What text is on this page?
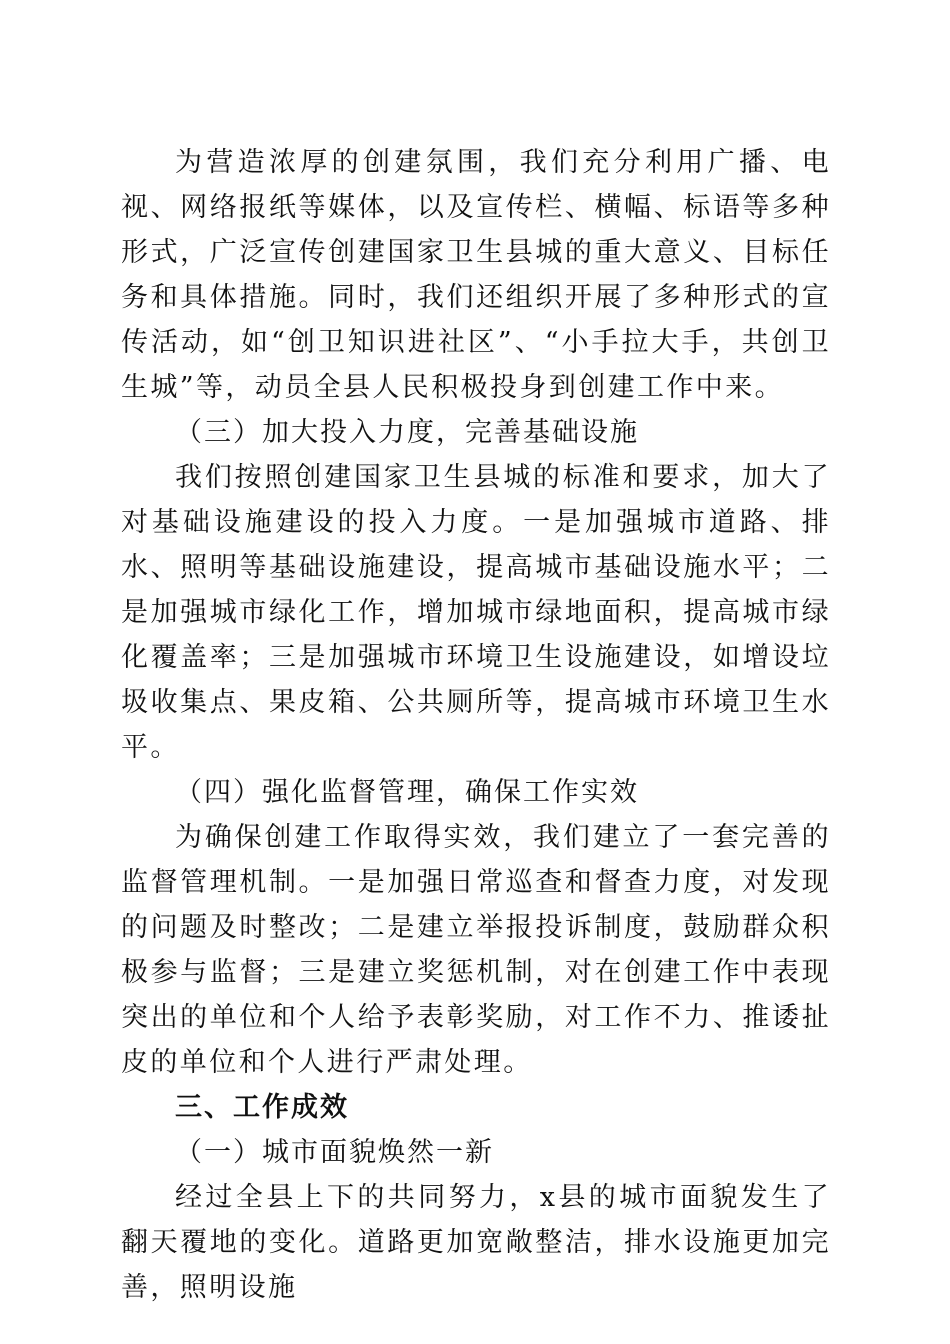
为营造浓厚的创建氛围，我们充分利用广播、电视、网络报纸等媒体，以及宣传栏、横幅、标语等多种形式，广泛宣传创建国家卫生县城的重大意义、目标任务和具体措施。同时，我们还组织开展了多种形式的宣传活动，如“创卫知识进社区”、“小手拉大手，共创卫生城”等，动员全县人民积极投身到创建工作中来。

（三）加大投入力度，完善基础设施

我们按照创建国家卫生县城的标准和要求，加大了对基础设施建设的投入力度。一是加强城市道路、排水、照明等基础设施建设，提高城市基础设施水平；二是加强城市绿化工作，增加城市绿地面积，提高城市绿化覆盖率；三是加强城市环境卫生设施建设，如增设垃圾收集点、果皮箱、公共厕所等，提高城市环境卫生水平。

（四）强化监督管理，确保工作实效

为确保创建工作取得实效，我们建立了一套完善的监督管理机制。一是加强日常巡查和督查力度，对发现的问题及时整改；二是建立举报投诉制度，鼓励群众积极参与监督；三是建立奖惩机制，对在创建工作中表现突出的单位和个人给予表彰奖励，对工作不力、推诿扯皮的单位和个人进行严肃处理。

三、工作成效

（一）城市面貌焕然一新

经过全县上下的共同努力，x县的城市面貌发生了翻天覆地的变化。道路更加宽敞整洁，排水设施更加完善，照明设施
